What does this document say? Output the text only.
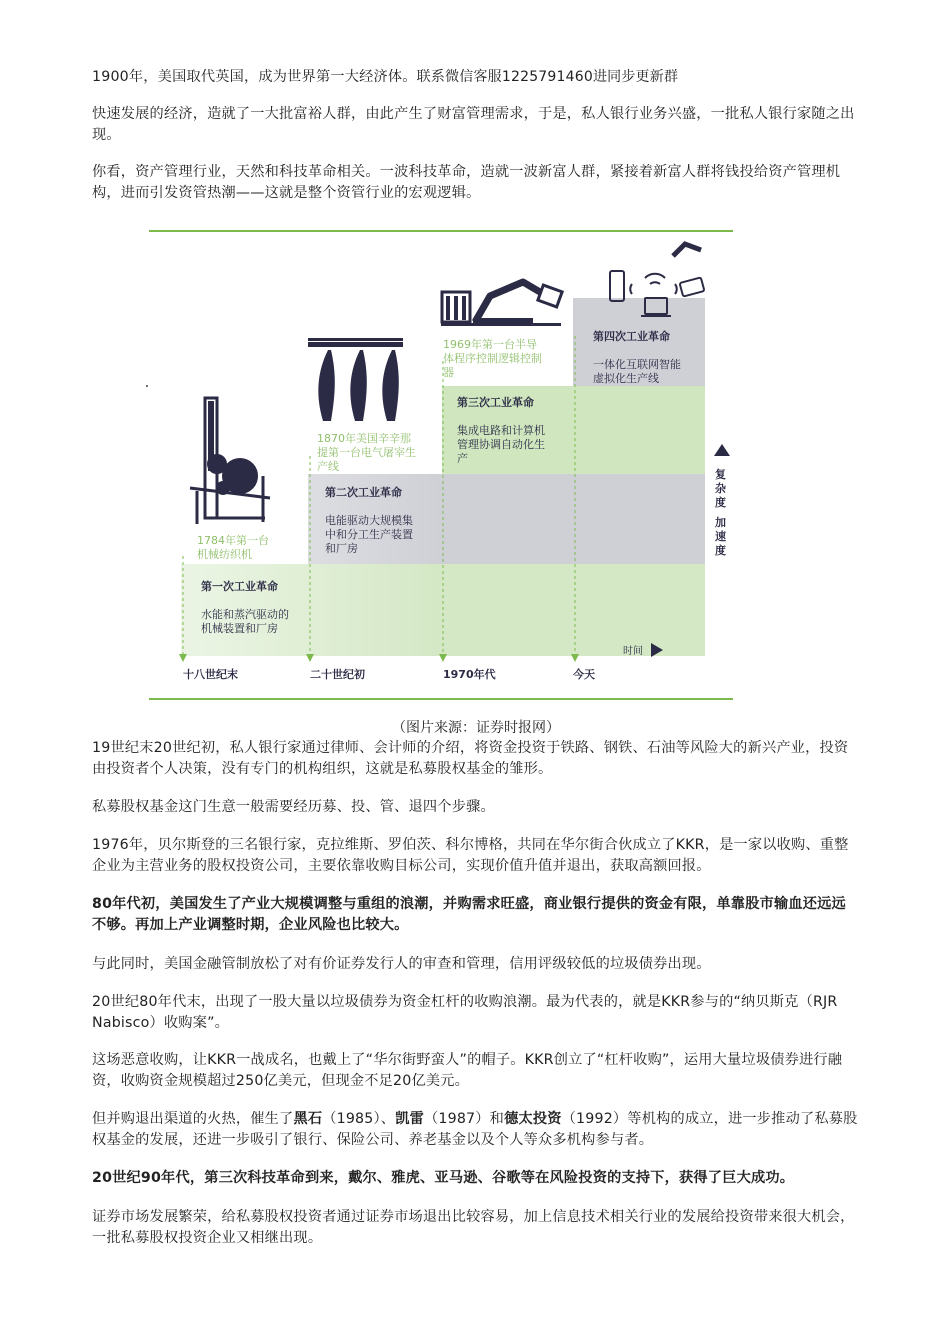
1900年，美国取代英国，成为世界第一大经济体。联系微信客服1225791460进同步更新群

快速发展的经济，造就了一大批富裕人群，由此产生了财富管理需求，于是，私人银行业务兴盛，一批私人银行家随之出现。

你看，资产管理行业，天然和科技革命相关。一波科技革命，造就一波新富人群，紧接着新富人群将钱投给资产管理机构，进而引发资管热潮——这就是整个资管行业的宏观逻辑。

（图片来源：证券时报网）

19世纪末20世纪初，私人银行家通过律师、会计师的介绍，将资金投资于铁路、钢铁、石油等风险大的新兴产业，投资由投资者个人决策，没有专门的机构组织，这就是私募股权基金的雏形。

私募股权基金这门生意一般需要经历募、投、管、退四个步骤。

1976年，贝尔斯登的三名银行家，克拉维斯、罗伯茨、科尔博格，共同在华尔街合伙成立了KKR，是一家以收购、重整企业为主营业务的股权投资公司，主要依靠收购目标公司，实现价值升值并退出，获取高额回报。

80年代初，美国发生了产业大规模调整与重组的浪潮，并购需求旺盛，商业银行提供的资金有限，单靠股市输血还远远不够。再加上产业调整时期，企业风险也比较大。

与此同时，美国金融管制放松了对有价证券发行人的审查和管理，信用评级较低的垃圾债券出现。

20世纪80年代末，出现了一股大量以垃圾债券为资金杠杆的收购浪潮。最为代表的，就是KKR参与的“纳贝斯克（RJR Nabisco）收购案”。

这场恶意收购，让KKR一战成名，也戴上了“华尔街野蛮人”的帽子。KKR创立了“杠杆收购”，运用大量垃圾债券进行融资，收购资金规模超过250亿美元，但现金不足20亿美元。

但并购退出渠道的火热，催生了黑石（1985）、凯雷（1987）和德太投资（1992）等机构的成立，进一步推动了私募股权基金的发展，还进一步吸引了银行、保险公司、养老基金以及个人等众多机构参与者。

20世纪90年代，第三次科技革命到来，戴尔、雅虎、亚马逊、谷歌等在风险投资的支持下，获得了巨大成功。

证券市场发展繁荣，给私募股权投资者通过证券市场退出比较容易，加上信息技术相关行业的发展给投资带来很大机会，一批私募股权投资企业又相继出现。

1784年第一台
机械纺织机
1870年美国辛辛那
提第一台电气屠宰生
产线
1969年第一台半导
体程序控制逻辑控制
器
第一次工业革命
水能和蒸汽驱动的
机械装置和厂房
第二次工业革命
电能驱动大规模集
中和分工生产装置
和厂房
第三次工业革命
集成电路和计算机
管理协调自动化生
产
第四次工业革命
一体化互联网智能
虚拟化生产线
十八世纪末	二十世纪初	1970年代	今天
时间
复
杂
度
加
速
度
